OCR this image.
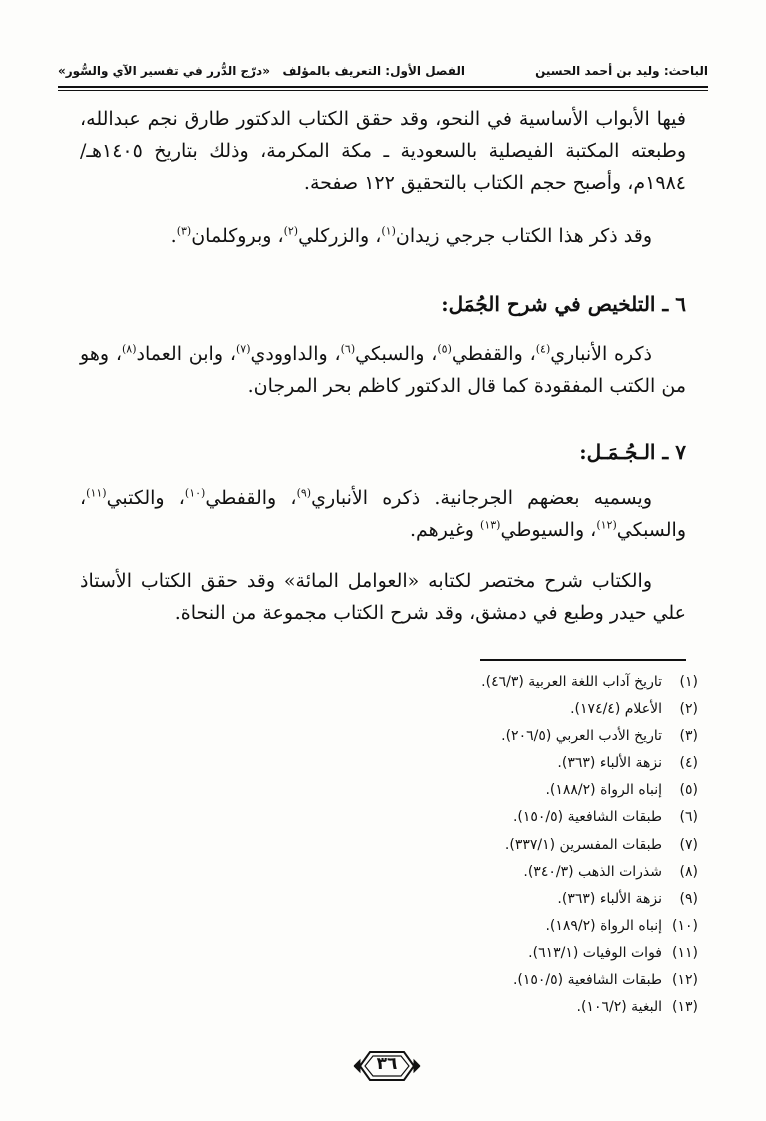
الباحث: وليد بن أحمد الحسين
الفصل الأول: التعريف بالمؤلف
«درّج الدُّرر في تفسير الآي والسُّور»

فيها الأبواب الأساسية في النحو، وقد حقق الكتاب الدكتور طارق نجم عبدالله، وطبعته المكتبة الفيصلية بالسعودية ـ مكة المكرمة، وذلك بتاريخ ١٤٠٥هـ/١٩٨٤م، وأصبح حجم الكتاب بالتحقيق ١٢٢ صفحة.

وقد ذكر هذا الكتاب جرجي زيدان$^{(١)}$، والزركلي$^{(٢)}$، وبروكلمان$^{(٣)}$.

٦ ـ التلخيص في شرح الجُمَل:

ذكره الأنباري$^{(٤)}$، والقفطي$^{(٥)}$، والسبكي$^{(٦)}$، والداوودي$^{(٧)}$، وابن العماد$^{(٨)}$، وهو من الكتب المفقودة كما قال الدكتور كاظم بحر المرجان.

٧ ـ الـجُـمَـل:

ويسميه بعضهم الجرجانية. ذكره الأنباري$^{(٩)}$، والقفطي$^{(١٠)}$، والكتبي$^{(١١)}$، والسبكي$^{(١٢)}$، والسيوطي$^{(١٣)}$ وغيرهم.

والكتاب شرح مختصر لكتابه «العوامل المائة» وقد حقق الكتاب الأستاذ علي حيدر وطبع في دمشق، وقد شرح الكتاب مجموعة من النحاة.

(١)تاريخ آداب اللغة العربية (٤٦/٣).
(٢)الأعلام (١٧٤/٤).
(٣)تاريخ الأدب العربي (٢٠٦/٥).
(٤)نزهة الألباء (٣٦٣).
(٥)إنباه الرواة (١٨٨/٢).
(٦)طبقات الشافعية (١٥٠/٥).
(٧)طبقات المفسرين (٣٣٧/١).
(٨)شذرات الذهب (٣٤٠/٣).
(٩)نزهة الألباء (٣٦٣).
(١٠)إنباه الرواة (١٨٩/٢).
(١١)فوات الوفيات (٦١٣/١).
(١٢)طبقات الشافعية (١٥٠/٥).
(١٣)البغية (١٠٦/٢).
٣٦
